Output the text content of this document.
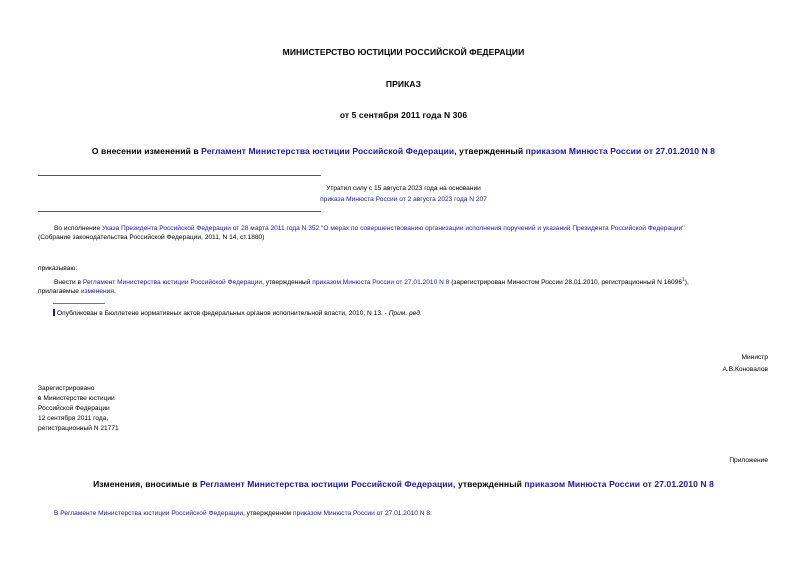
МИНИСТЕРСТВО ЮСТИЦИИ РОССИЙСКОЙ ФЕДЕРАЦИИ
ПРИКАЗ
от 5 сентября 2011 года N 306
О внесении изменений в Регламент Министерства юстиции Российской Федерации, утвержденный приказом Минюста России от 27.01.2010 N 8
Утратил силу с 15 августа 2023 года на основании
приказа Минюста России от 2 августа 2023 года N 207
Во исполнение Указа Президента Российской Федерации от 28 марта 2011 года N 352 "О мерах по совершенствованию организации исполнения поручений и указаний Президента Российской Федерации"
(Собрание законодательства Российской Федерации, 2011, N 14, ст.1880)
приказываю:
Внести в Регламент Министерства юстиции Российской Федерации, утвержденный приказом Минюста России от 27.01.2010 N 8 (зарегистрирован Минюстом России 28.01.2010, регистрационный N 16096$^1$),
прилагаемые изменения.
Опубликован в Бюллетене нормативных актов федеральных органов исполнительной власти, 2010, N 13. - Прим. ред.
Министр
А.В.Коновалов
Зарегистрировано
в Министерстве юстиции
Российской Федерации
12 сентября 2011 года,
регистрационный N 21771
Приложение
Изменения, вносимые в Регламент Министерства юстиции Российской Федерации, утвержденный приказом Минюста России от 27.01.2010 N 8
В Регламенте Министерства юстиции Российской Федерации, утвержденном приказом Минюста России от 27.01.2010 N 8:
